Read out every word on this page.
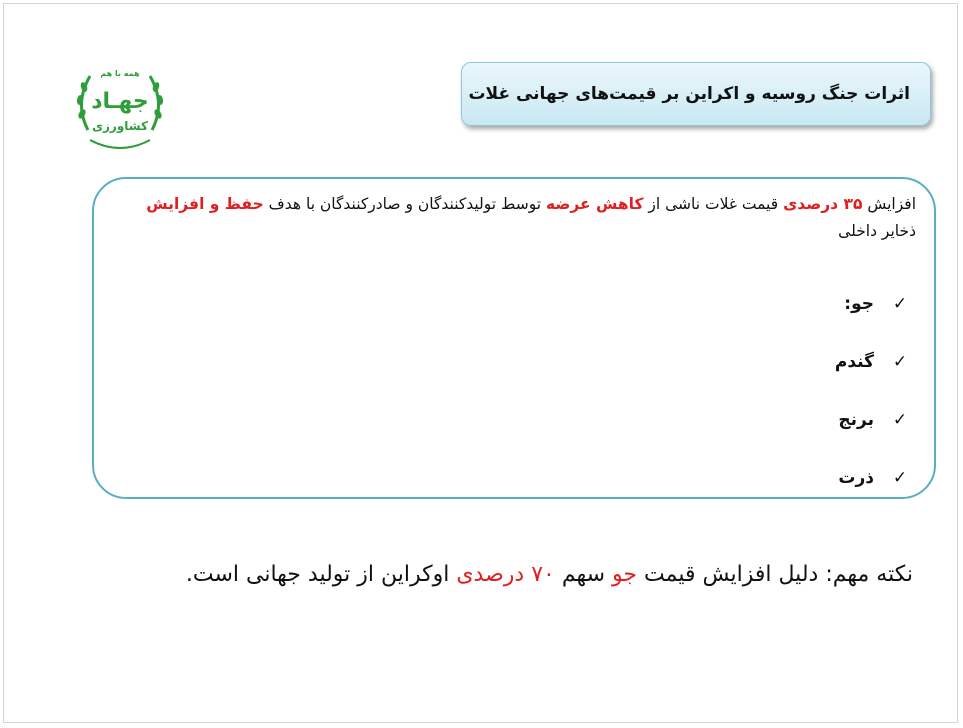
همه با هم
جهـاد
کشاورزی
اثرات جنگ روسیه و اکراین بر قیمت‌های جهانی غلات
افزایش ۳۵ درصدی قیمت غلات ناشی از کاهش عرضه توسط تولیدکنندگان و صادرکنندگان با هدف حفظ و افزایش ذخایر داخلی
✓
جو:
✓
گندم
✓
برنج
✓
ذرت
نکته مهم: دلیل افزایش قیمت جو سهم ۷۰ درصدی اوکراین از تولید جهانی است.
